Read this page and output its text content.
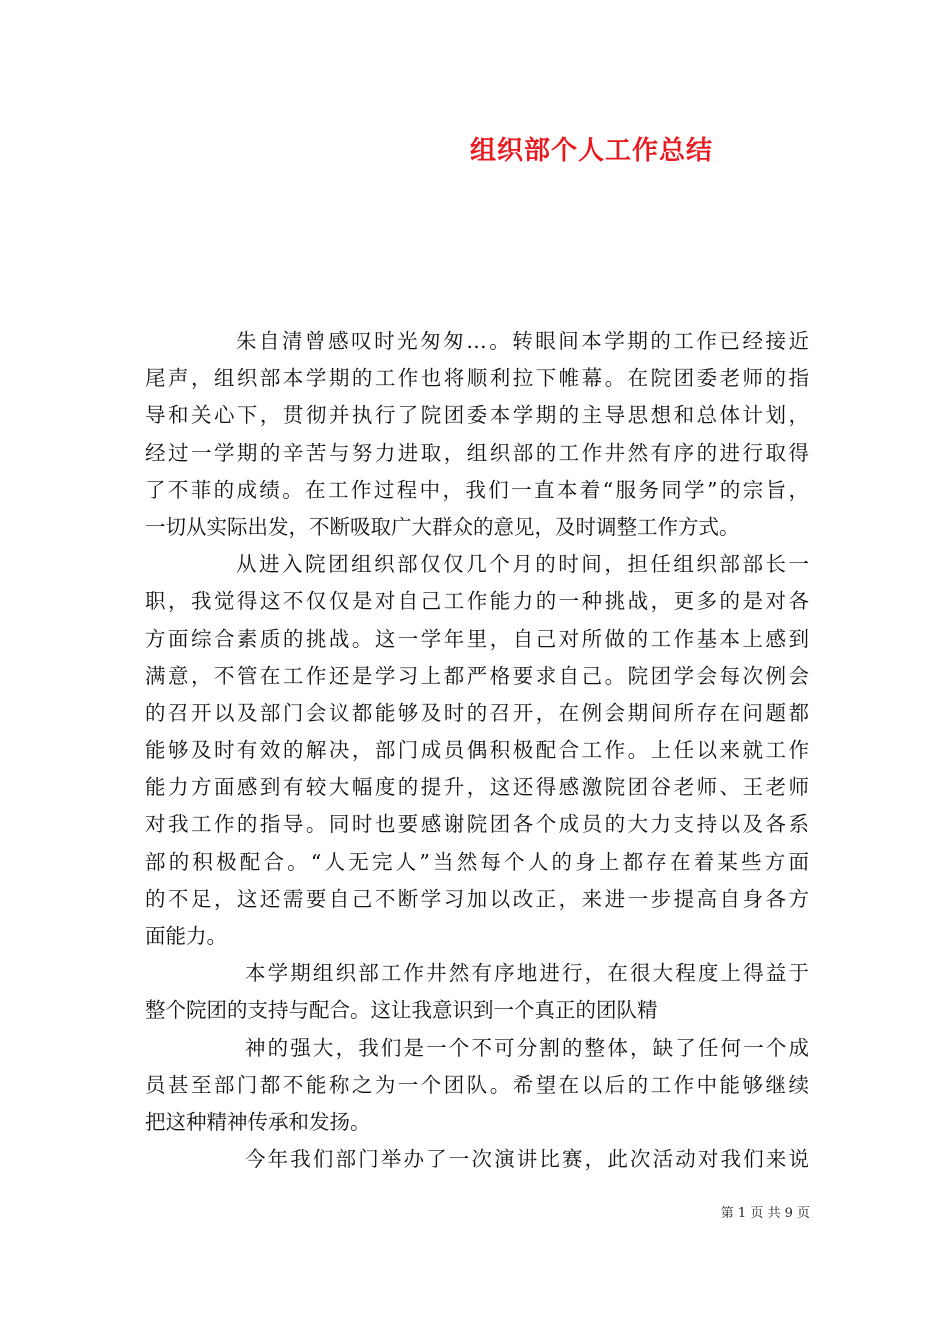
组织部个人工作总结
朱自清曾感叹时光匆匆…。转眼间本学期的工作已经接近
尾声，组织部本学期的工作也将顺利拉下帷幕。在院团委老师的指
导和关心下，贯彻并执行了院团委本学期的主导思想和总体计划，
经过一学期的辛苦与努力进取，组织部的工作井然有序的进行取得
了不菲的成绩。在工作过程中，我们一直本着“服务同学”的宗旨，
一切从实际出发，不断吸取广大群众的意见，及时调整工作方式。
从进入院团组织部仅仅几个月的时间，担任组织部部长一
职，我觉得这不仅仅是对自己工作能力的一种挑战，更多的是对各
方面综合素质的挑战。这一学年里，自己对所做的工作基本上感到
满意，不管在工作还是学习上都严格要求自己。院团学会每次例会
的召开以及部门会议都能够及时的召开，在例会期间所存在问题都
能够及时有效的解决，部门成员偶积极配合工作。上任以来就工作
能力方面感到有较大幅度的提升，这还得感激院团谷老师、王老师
对我工作的指导。同时也要感谢院团各个成员的大力支持以及各系
部的积极配合。“人无完人”当然每个人的身上都存在着某些方面
的不足，这还需要自己不断学习加以改正，来进一步提高自身各方
面能力。
本学期组织部工作井然有序地进行，在很大程度上得益于
整个院团的支持与配合。这让我意识到一个真正的团队精
神的强大，我们是一个不可分割的整体，缺了任何一个成
员甚至部门都不能称之为一个团队。希望在以后的工作中能够继续
把这种精神传承和发扬。
今年我们部门举办了一次演讲比赛，此次活动对我们来说
第 1 页 共 9 页
